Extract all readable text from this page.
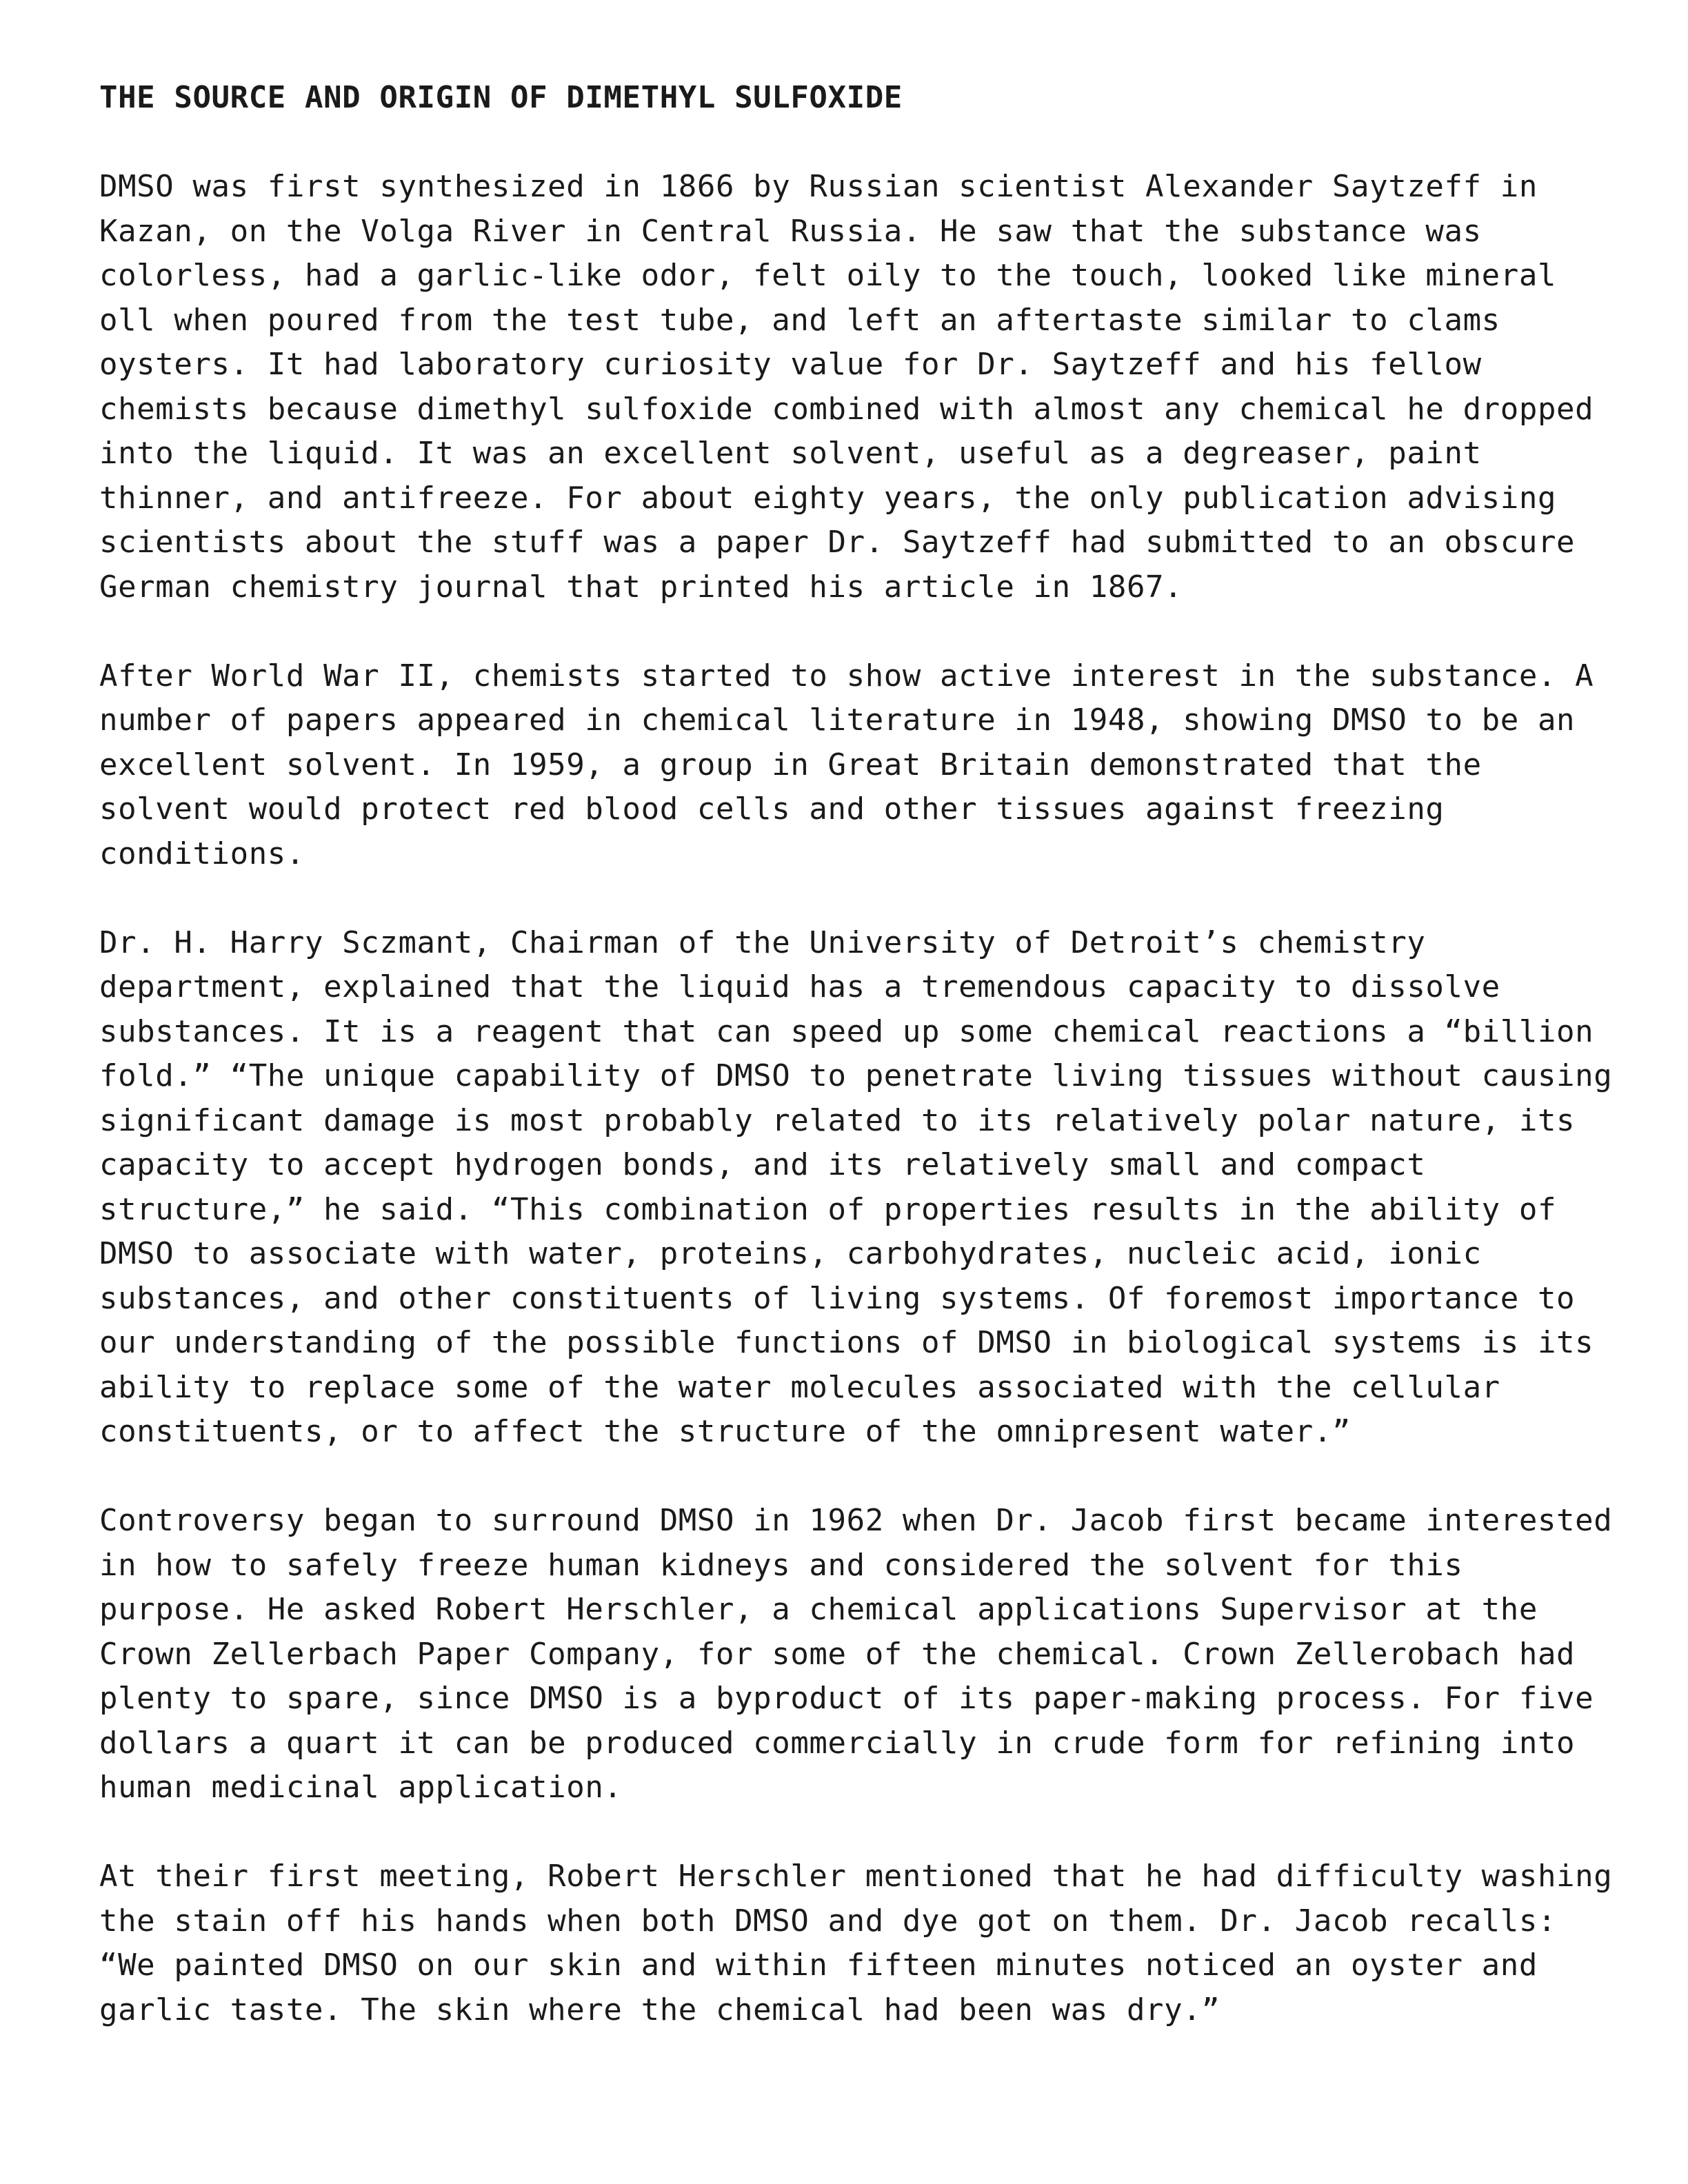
THE SOURCE AND ORIGIN OF DIMETHYL SULFOXIDE
DMSO was first synthesized in 1866 by Russian scientist Alexander Saytzeff in
Kazan, on the Volga River in Central Russia. He saw that the substance was
colorless, had a garlic-like odor, felt oily to the touch, looked like mineral
oll when poured from the test tube, and left an aftertaste similar to clams
oysters. It had laboratory curiosity value for Dr. Saytzeff and his fellow
chemists because dimethyl sulfoxide combined with almost any chemical he dropped
into the liquid. It was an excellent solvent, useful as a degreaser, paint
thinner, and antifreeze. For about eighty years, the only publication advising
scientists about the stuff was a paper Dr. Saytzeff had submitted to an obscure
German chemistry journal that printed his article in 1867.
After World War II, chemists started to show active interest in the substance. A
number of papers appeared in chemical literature in 1948, showing DMSO to be an
excellent solvent. In 1959, a group in Great Britain demonstrated that the
solvent would protect red blood cells and other tissues against freezing
conditions.
Dr. H. Harry Sczmant, Chairman of the University of Detroit’s chemistry
department, explained that the liquid has a tremendous capacity to dissolve
substances. It is a reagent that can speed up some chemical reactions a “billion
fold.” “The unique capability of DMSO to penetrate living tissues without causing
significant damage is most probably related to its relatively polar nature, its
capacity to accept hydrogen bonds, and its relatively small and compact
structure,” he said. “This combination of properties results in the ability of
DMSO to associate with water, proteins, carbohydrates, nucleic acid, ionic
substances, and other constituents of living systems. Of foremost importance to
our understanding of the possible functions of DMSO in biological systems is its
ability to replace some of the water molecules associated with the cellular
constituents, or to affect the structure of the omnipresent water.”
Controversy began to surround DMSO in 1962 when Dr. Jacob first became interested
in how to safely freeze human kidneys and considered the solvent for this
purpose. He asked Robert Herschler, a chemical applications Supervisor at the
Crown Zellerbach Paper Company, for some of the chemical. Crown Zellerobach had
plenty to spare, since DMSO is a byproduct of its paper-making process. For five
dollars a quart it can be produced commercially in crude form for refining into
human medicinal application.
At their first meeting, Robert Herschler mentioned that he had difficulty washing
the stain off his hands when both DMSO and dye got on them. Dr. Jacob recalls:
“We painted DMSO on our skin and within fifteen minutes noticed an oyster and
garlic taste. The skin where the chemical had been was dry.”
